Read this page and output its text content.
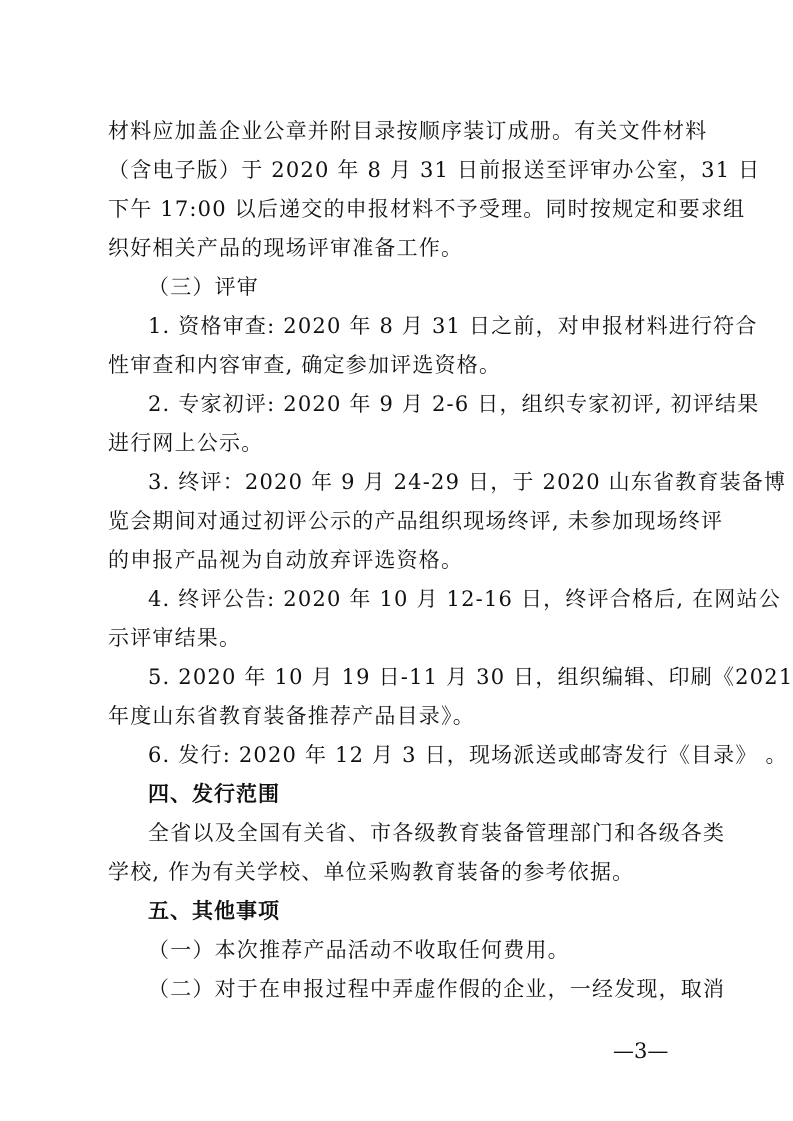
材料应加盖企业公章并附目录按顺序装订成册。有关文件材料
（含电子版）于 2020 年 8 月 31 日前报送至评审办公室，31 日
下午 17:00 以后递交的申报材料不予受理。同时按规定和要求组
织好相关产品的现场评审准备工作。
（三）评审
1. 资格审查: 2020 年 8 月 31 日之前，对申报材料进行符合
性审查和内容审查, 确定参加评选资格。
2. 专家初评: 2020 年 9 月 2-6 日，组织专家初评, 初评结果
进行网上公示。
3. 终评：2020 年 9 月 24-29 日，于 2020 山东省教育装备博
览会期间对通过初评公示的产品组织现场终评, 未参加现场终评
的申报产品视为自动放弃评选资格。
4. 终评公告: 2020 年 10 月 12-16 日，终评合格后, 在网站公
示评审结果。
5. 2020 年 10 月 19 日-11 月 30 日，组织编辑、印刷《2021
年度山东省教育装备推荐产品目录》。
6. 发行: 2020 年 12 月 3 日，现场派送或邮寄发行《目录》 。
四、发行范围
全省以及全国有关省、市各级教育装备管理部门和各级各类
学校, 作为有关学校、单位采购教育装备的参考依据。
五、其他事项
（一）本次推荐产品活动不收取任何费用。
（二）对于在申报过程中弄虚作假的企业，一经发现，取消
—3—
